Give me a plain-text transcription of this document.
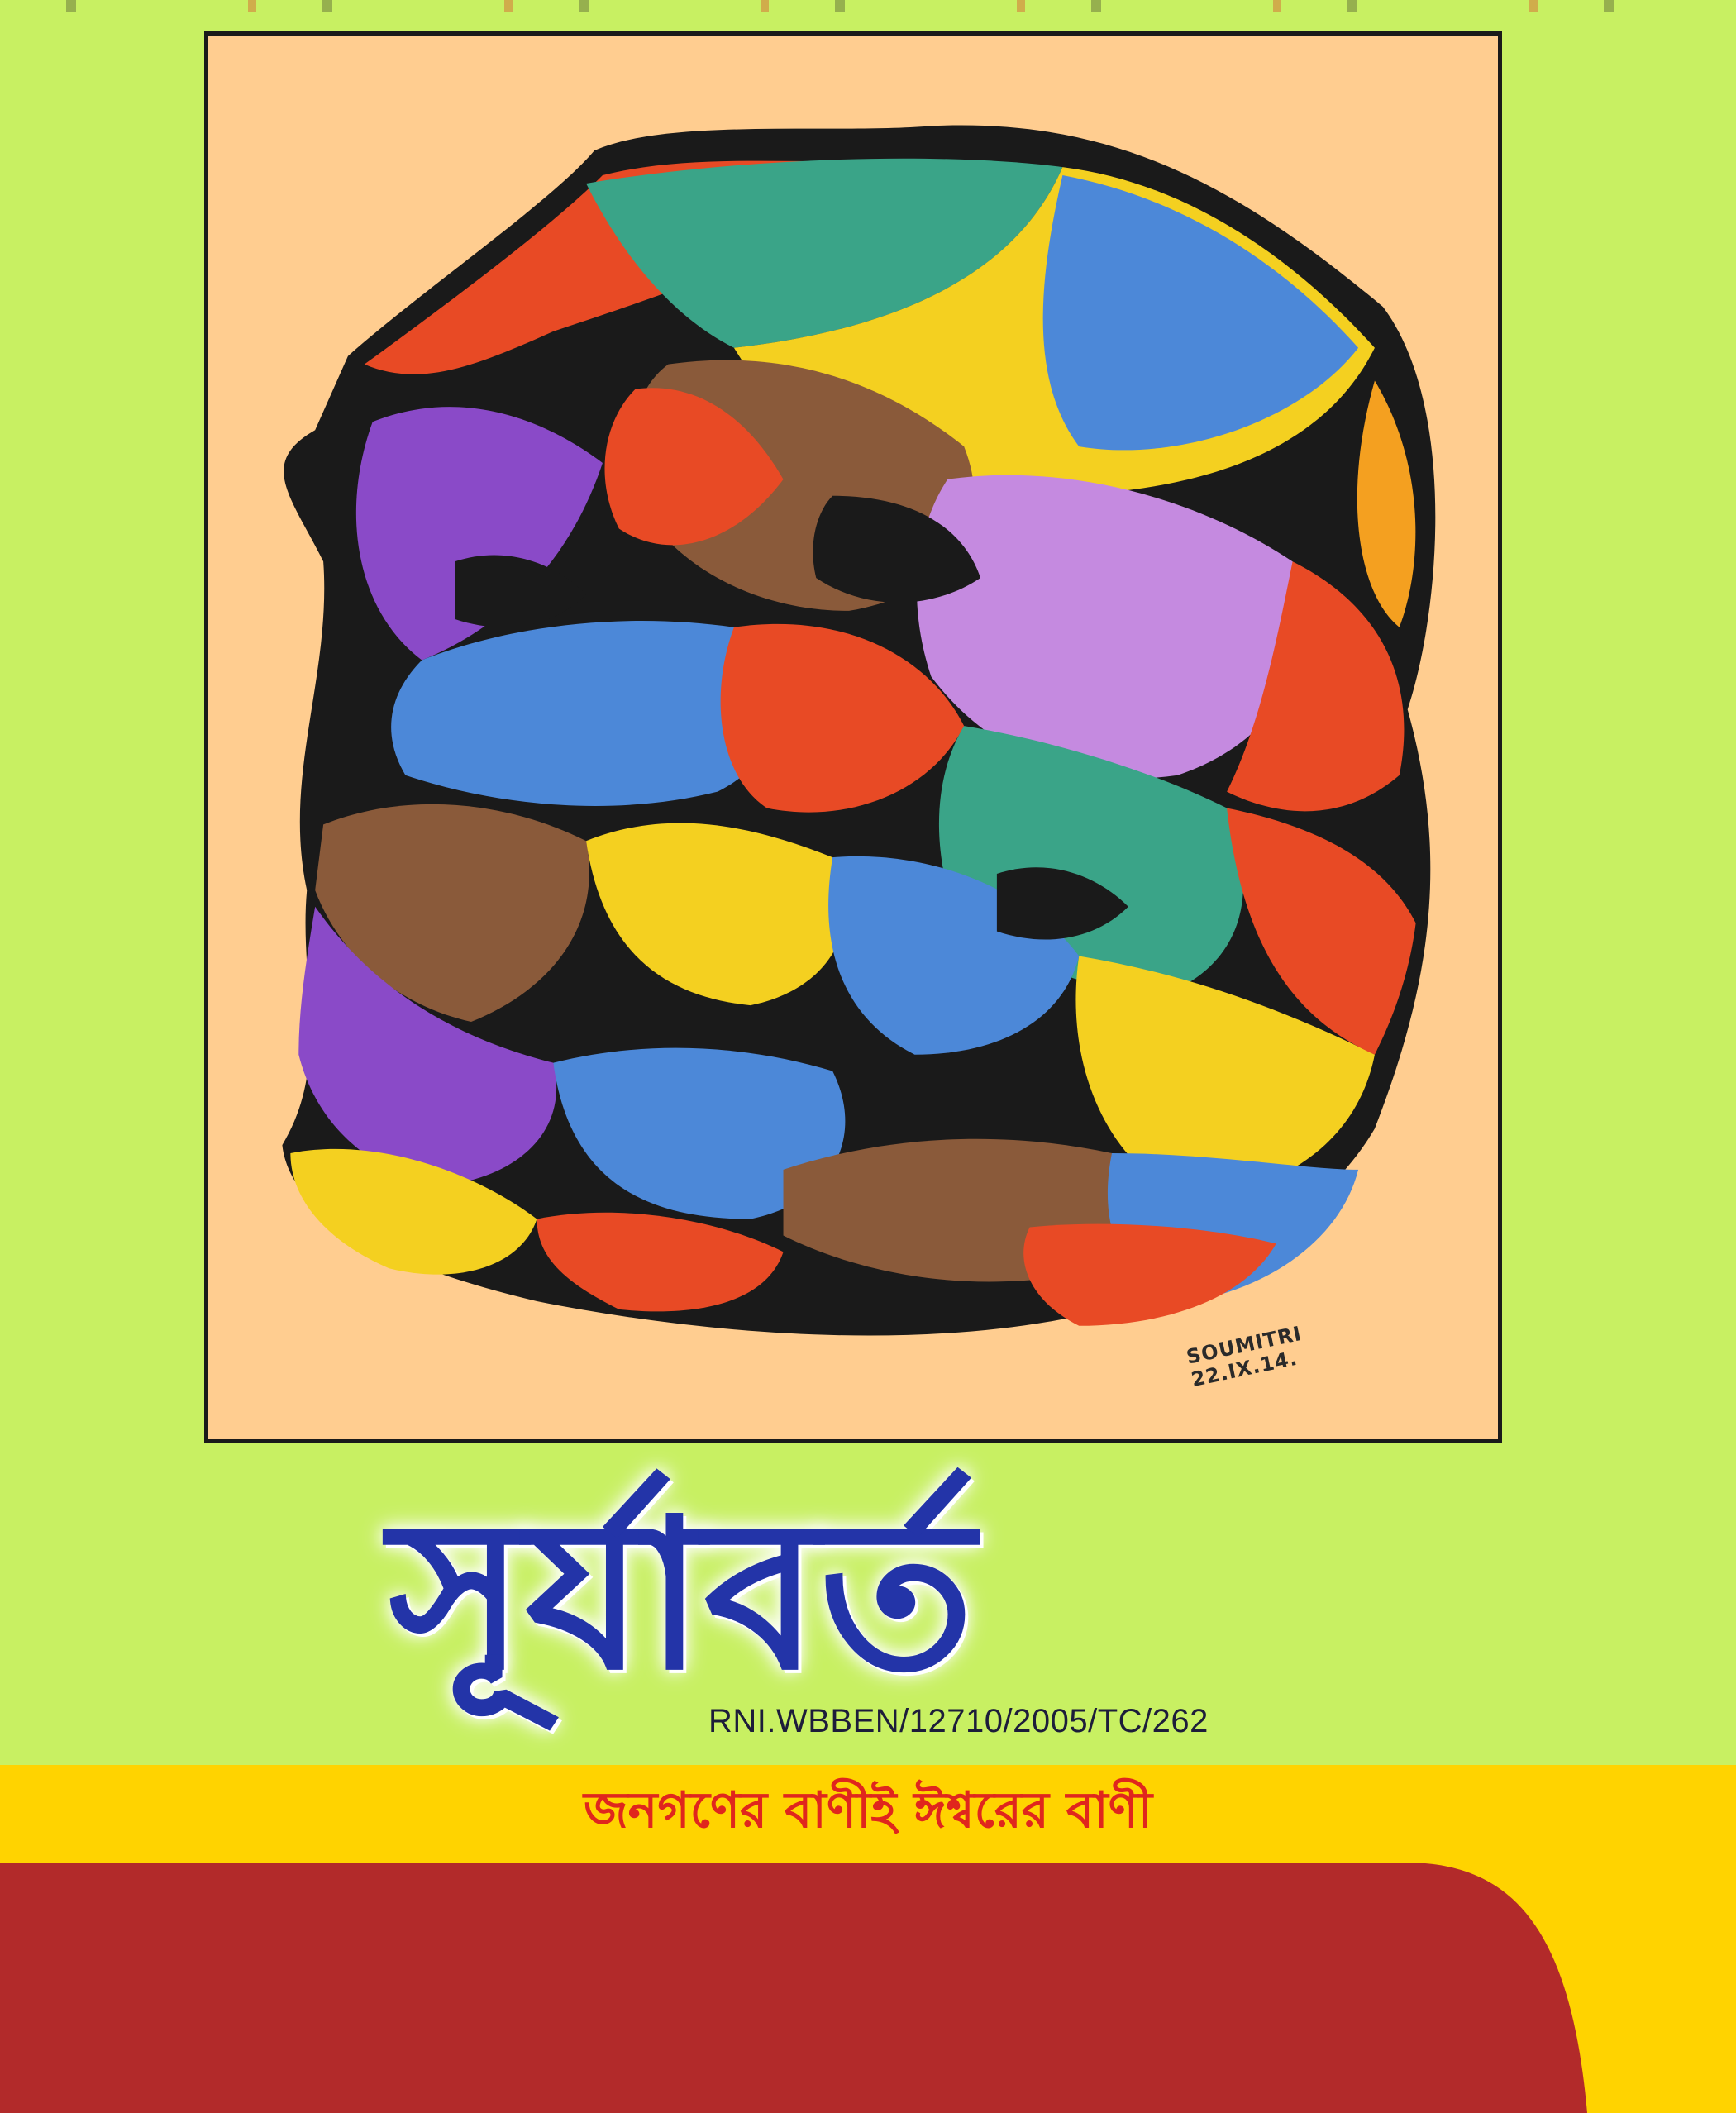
SOUMITRI
22.IX.14.
সূর্যাবর্ত
RNI.WBBEN/12710/2005/TC/262
জনগণের বাণীই ঈশ্বরের বাণী
